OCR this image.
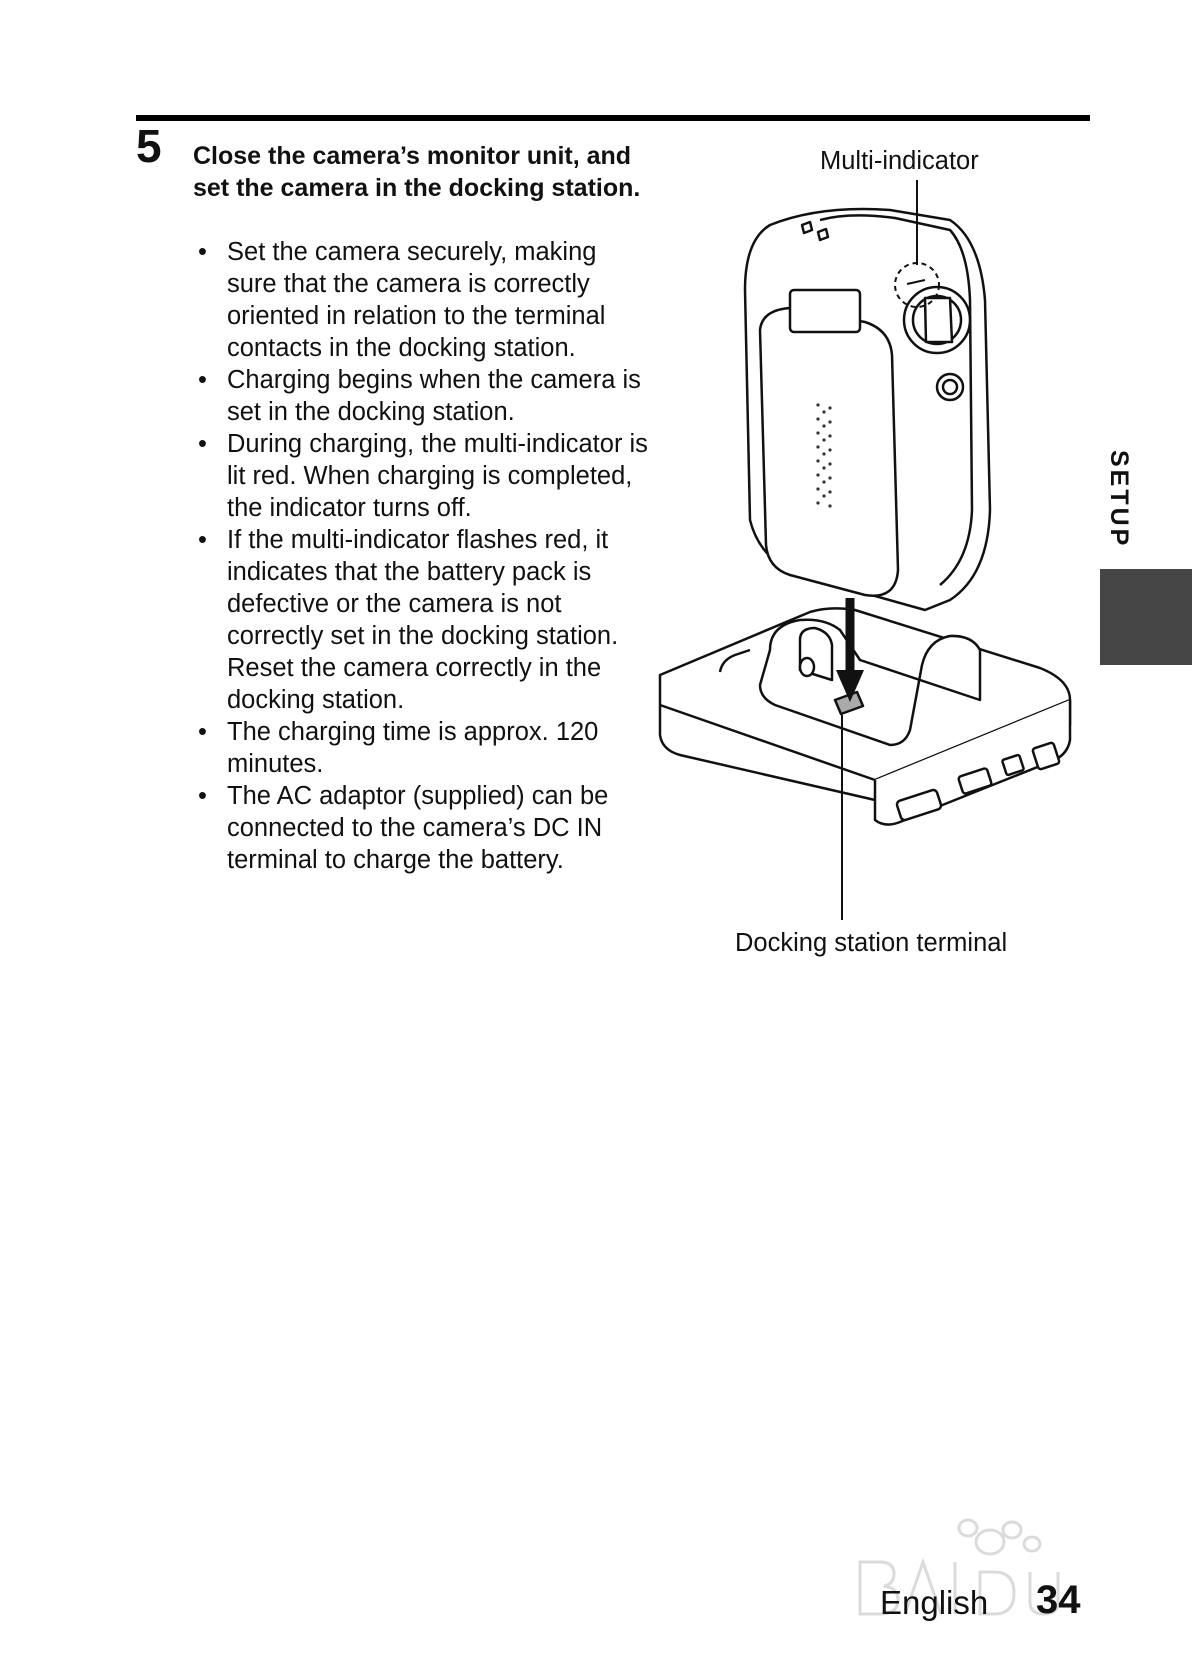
5 Close the camera’s monitor unit, and set the camera in the docking station.
• Set the camera securely, making sure that the camera is correctly oriented in relation to the terminal contacts in the docking station.
• Charging begins when the camera is set in the docking station.
• During charging, the multi-indicator is lit red. When charging is completed, the indicator turns off.
• If the multi-indicator flashes red, it indicates that the battery pack is defective or the camera is not correctly set in the docking station. Reset the camera correctly in the docking station.
• The charging time is approx. 120 minutes.
• The AC adaptor (supplied) can be connected to the camera’s DC IN terminal to charge the battery.
Multi-indicator
Docking station terminal
SETUP
English 34
